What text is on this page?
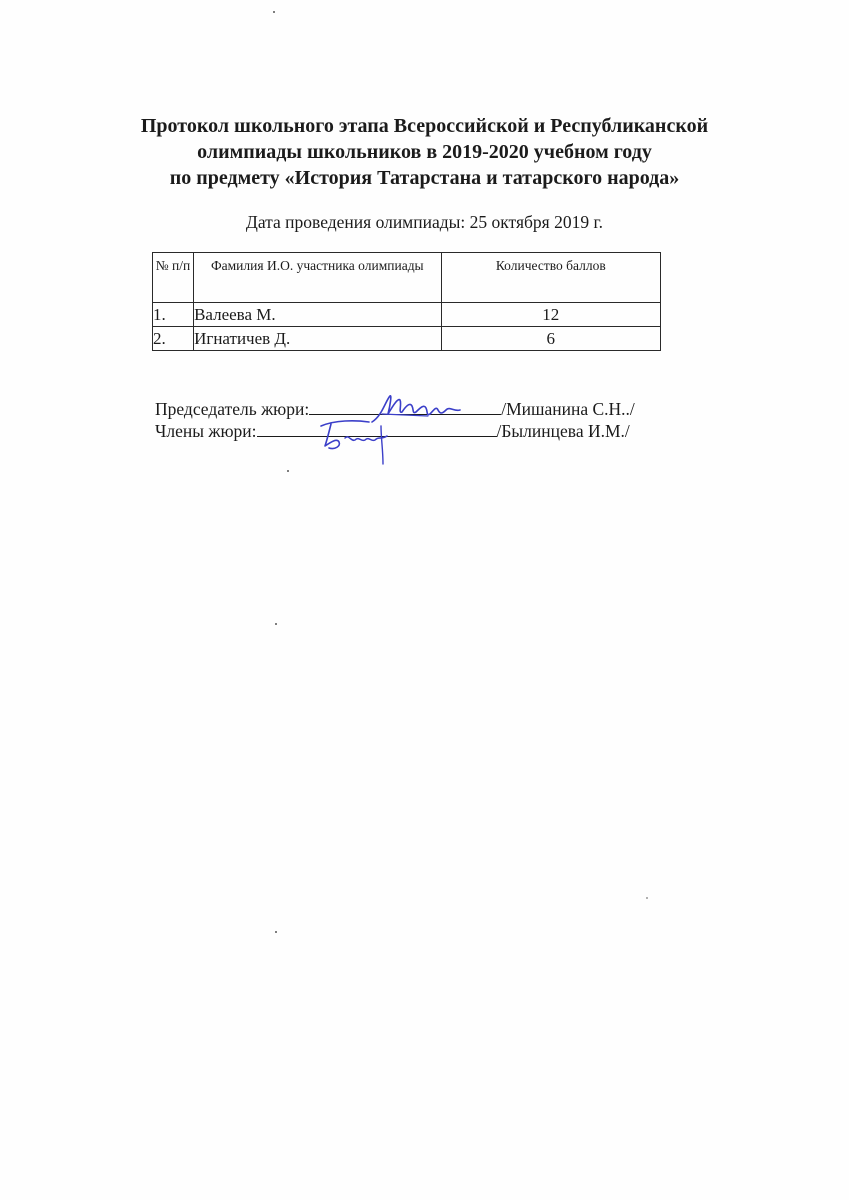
Протокол школьного этапа Всероссийской и Республиканской
олимпиады школьников в 2019-2020 учебном году
по предмету «История Татарстана и татарского народа»
Дата проведения олимпиады: 25 октября 2019 г.
№ п/п	Фамилия И.О. участника олимпиады	Количество баллов
1.	Валеева М.	12
2.	Игнатичев Д.	6
Председатель жюри:	/Мишанина С.Н../
Члены жюри:	/Былинцева И.М./
